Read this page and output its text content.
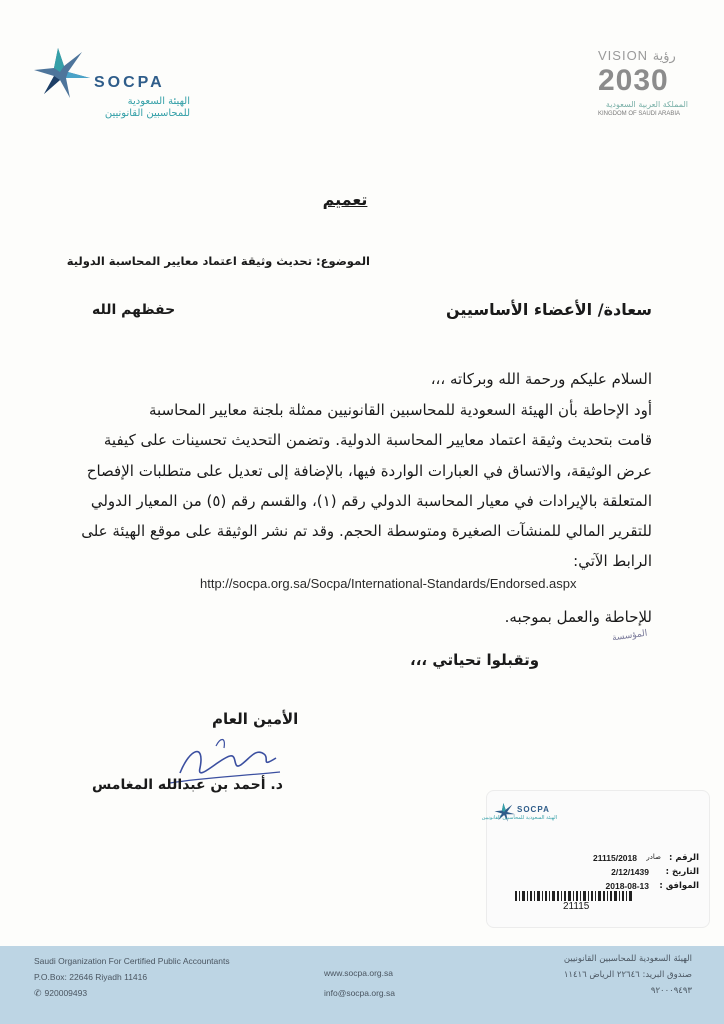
SOCPA
الهيئة السعودية
للمحاسبين القانونيين
VISION رؤية
2030
المملكة العربية السعودية
KINGDOM OF SAUDI ARABIA
تعميم
الموضوع: تحديث وثيقة اعتماد معايير المحاسبة الدولية
سعادة/ الأعضاء الأساسيين
حفظهم الله
السلام عليكم ورحمة الله وبركاته ،،،
أود الإحاطة بأن الهيئة السعودية للمحاسبين القانونيين ممثلة بلجنة معايير المحاسبة
قامت بتحديث وثيقة اعتماد معايير المحاسبة الدولية. وتضمن التحديث تحسينات على كيفية
عرض الوثيقة، والاتساق في العبارات الواردة فيها، بالإضافة إلى تعديل على متطلبات الإفصاح
المتعلقة بالإيرادات في معيار المحاسبة الدولي رقم (١)، والقسم رقم (٥) من المعيار الدولي
للتقرير المالي للمنشآت الصغيرة ومتوسطة الحجم. وقد تم نشر الوثيقة على موقع الهيئة على
الرابط الآتي:
http://socpa.org.sa/Socpa/International-Standards/Endorsed.aspx
للإحاطة والعمل بموجبه.
المؤسسة
وتقبلوا تحياتي ،،،
الأمين العام
د. أحمد بن عبدالله المغامس
SOCPA
الهيئة السعودية للمحاسبين القانونيين
الرقم :
صادر
21115/2018
التاريخ :
2/12/1439
الموافق :
2018-08-13
21115
Saudi Organization For Certified Public Accountants
P.O.Box: 22646 Riyadh 11416
✆ 920009493
www.socpa.org.sa
info@socpa.org.sa
الهيئة السعودية للمحاسبين القانونيين
صندوق البريد: ٢٢٦٤٦ الرياض ١١٤١٦
٩٢٠٠٠٩٤٩٣
